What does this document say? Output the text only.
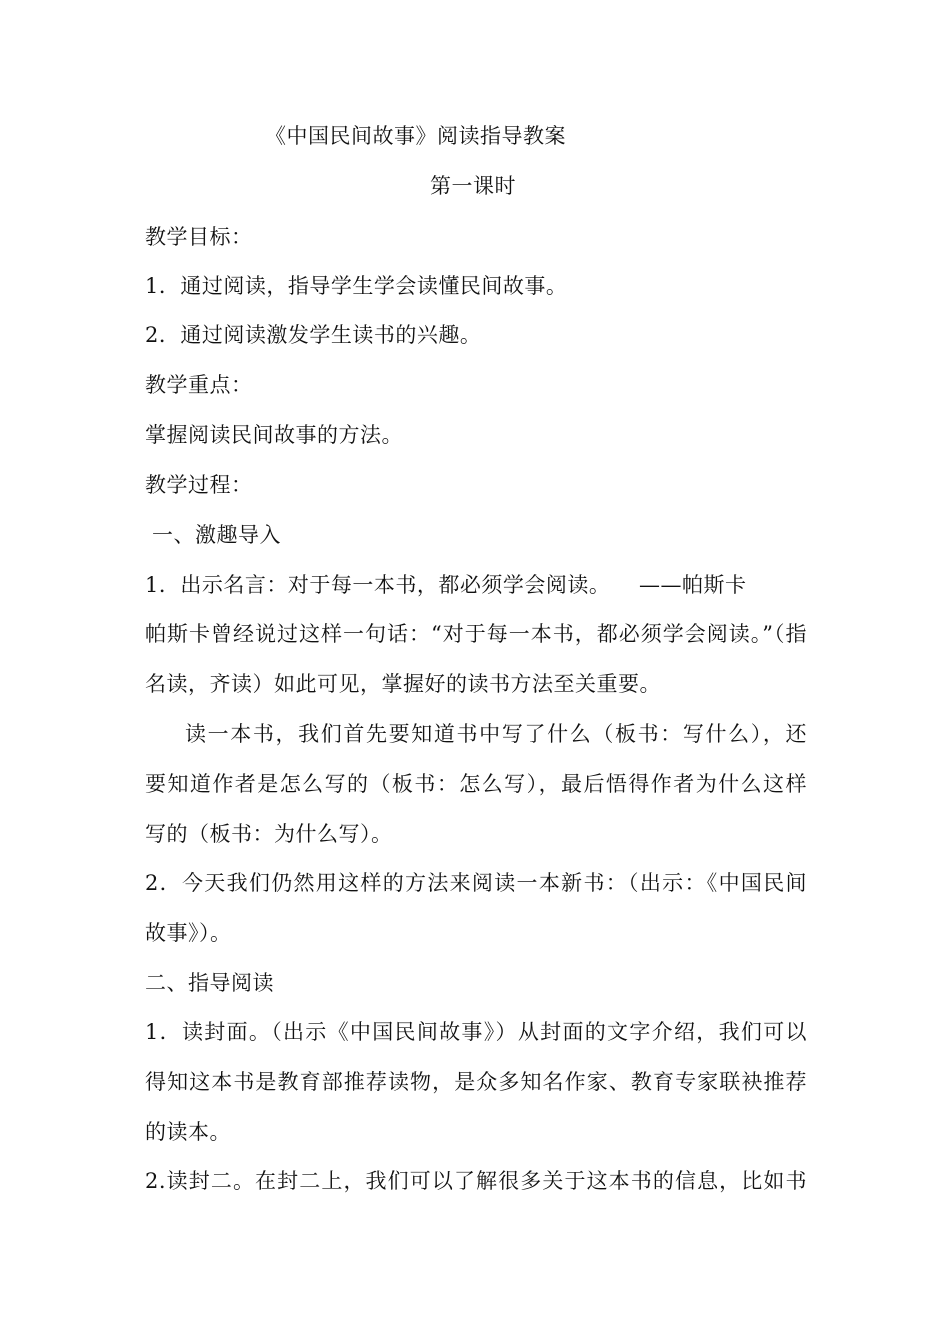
《中国民间故事》阅读指导教案
第一课时
教学目标：
1．通过阅读，指导学生学会读懂民间故事。
2．通过阅读激发学生读书的兴趣。
教学重点：
掌握阅读民间故事的方法。
教学过程：
一、激趣导入
1．出示名言：对于每一本书，都必须学会阅读。    ——帕斯卡
帕斯卡曾经说过这样一句话：“对于每一本书，都必须学会阅读。”（指
名读，齐读）如此可见，掌握好的读书方法至关重要。
读一本书，我们首先要知道书中写了什么（板书：写什么），还
要知道作者是怎么写的（板书：怎么写），最后悟得作者为什么这样
写的（板书：为什么写）。
2．今天我们仍然用这样的方法来阅读一本新书：（出示：《中国民间
故事》）。
二、指导阅读
1．读封面。（出示《中国民间故事》）从封面的文字介绍，我们可以
得知这本书是教育部推荐读物，是众多知名作家、教育专家联袂推荐
的读本。
2.读封二。在封二上，我们可以了解很多关于这本书的信息，比如书
